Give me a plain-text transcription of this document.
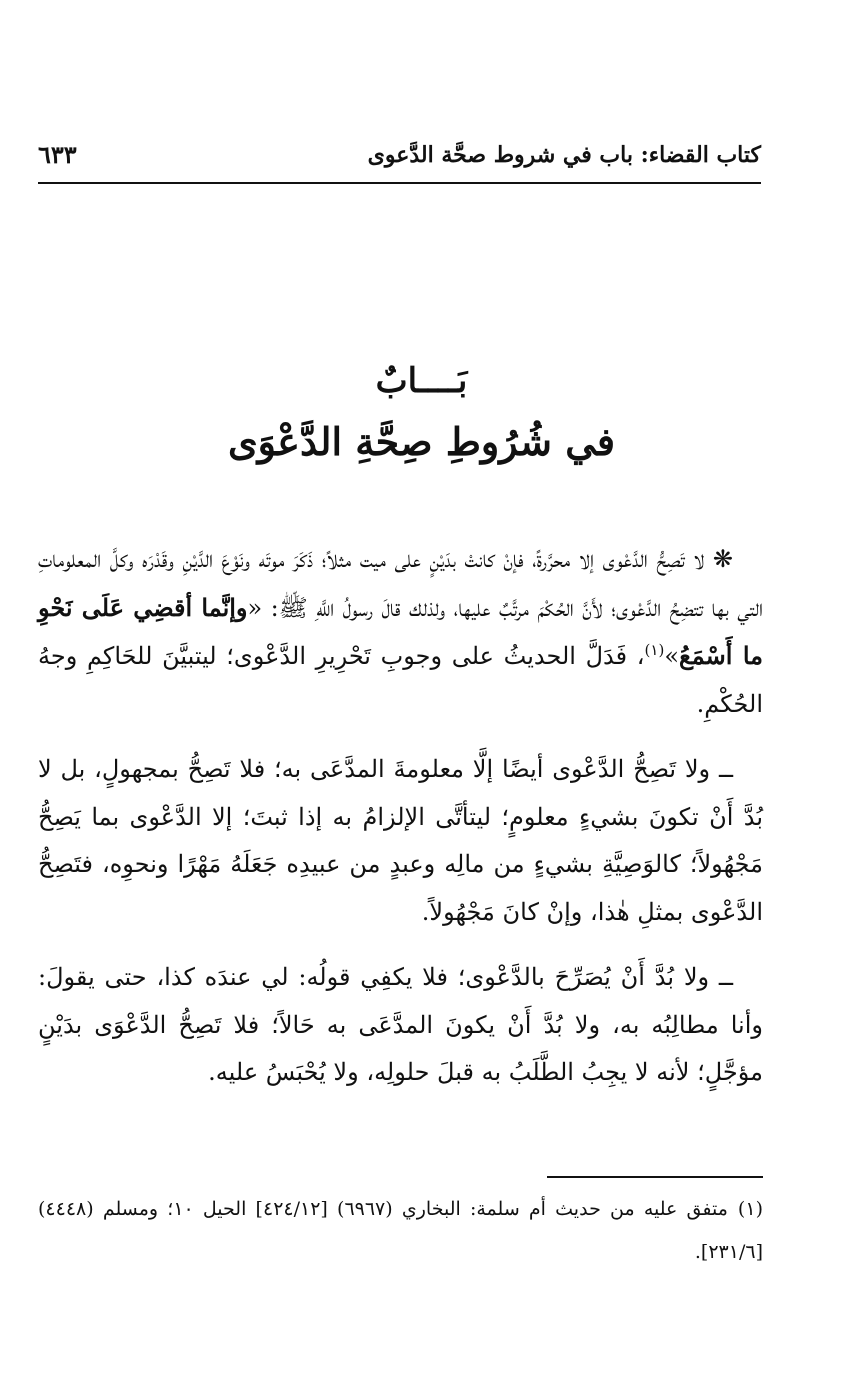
كتاب القضاء: باب في شروط صحَّة الدَّعوى
٦٣٣
بَــــابٌ
في شُرُوطِ صِحَّةِ الدَّعْوَى

❋ لا تَصِحُّ الدَّعْوى إلا محرَّرةً، فإنْ كانتْ بدَيْنٍ على ميت مثلاً؛ ذَكَرَ موتَه ونَوْعَ الدَّيْنِ وقَدْرَه وكلَّ المعلوماتِ التي بها تتضِحُ الدَّعْوى؛ لأَنَّ الحُكْمَ مرتَّبٌ عليها، ولذلك قالَ رسولُ اللَّهِ ﷺ: «وإنَّما أقضِي عَلَى نَحْوِ ما أَسْمَعُ»$^{(١)}$، فَدَلَّ الحديثُ على وجوبِ تَحْرِيرِ الدَّعْوى؛ ليتبيَّنَ للحَاكِمِ وجهُ الحُكْمِ.

ــ ولا تَصِحُّ الدَّعْوى أيضًا إلَّا معلومةَ المدَّعَى به؛ فلا تَصِحُّ بمجهولٍ، بل لا بُدَّ أَنْ تكونَ بشيءٍ معلومٍ؛ ليتأتَّى الإلزامُ به إذا ثبتَ؛ إلا الدَّعْوى بما يَصِحُّ مَجْهُولاً؛ كالوَصِيَّةِ بشيءٍ من مالِه وعبدٍ من عبيدِه جَعَلَهُ مَهْرًا ونحوِه، فتَصِحُّ الدَّعْوى بمثلِ هٰذا، وإنْ كانَ مَجْهُولاً.

ــ ولا بُدَّ أَنْ يُصَرِّحَ بالدَّعْوى؛ فلا يكفِي قولُه: لي عندَه كذا، حتى يقولَ: وأنا مطالِبُه به، ولا بُدَّ أَنْ يكونَ المدَّعَى به حَالاً؛ فلا تَصِحُّ الدَّعْوَى بدَيْنٍ مؤجَّلٍ؛ لأنه لا يجِبُ الطَّلَبُ به قبلَ حلولِه، ولا يُحْبَسُ عليه.

(١)متفق عليه من حديث أم سلمة: البخاري (٦٩٦٧) [٤٢٤/١٢] الحيل ١٠؛ ومسلم (٤٤٤٨) [٢٣١/٦].
